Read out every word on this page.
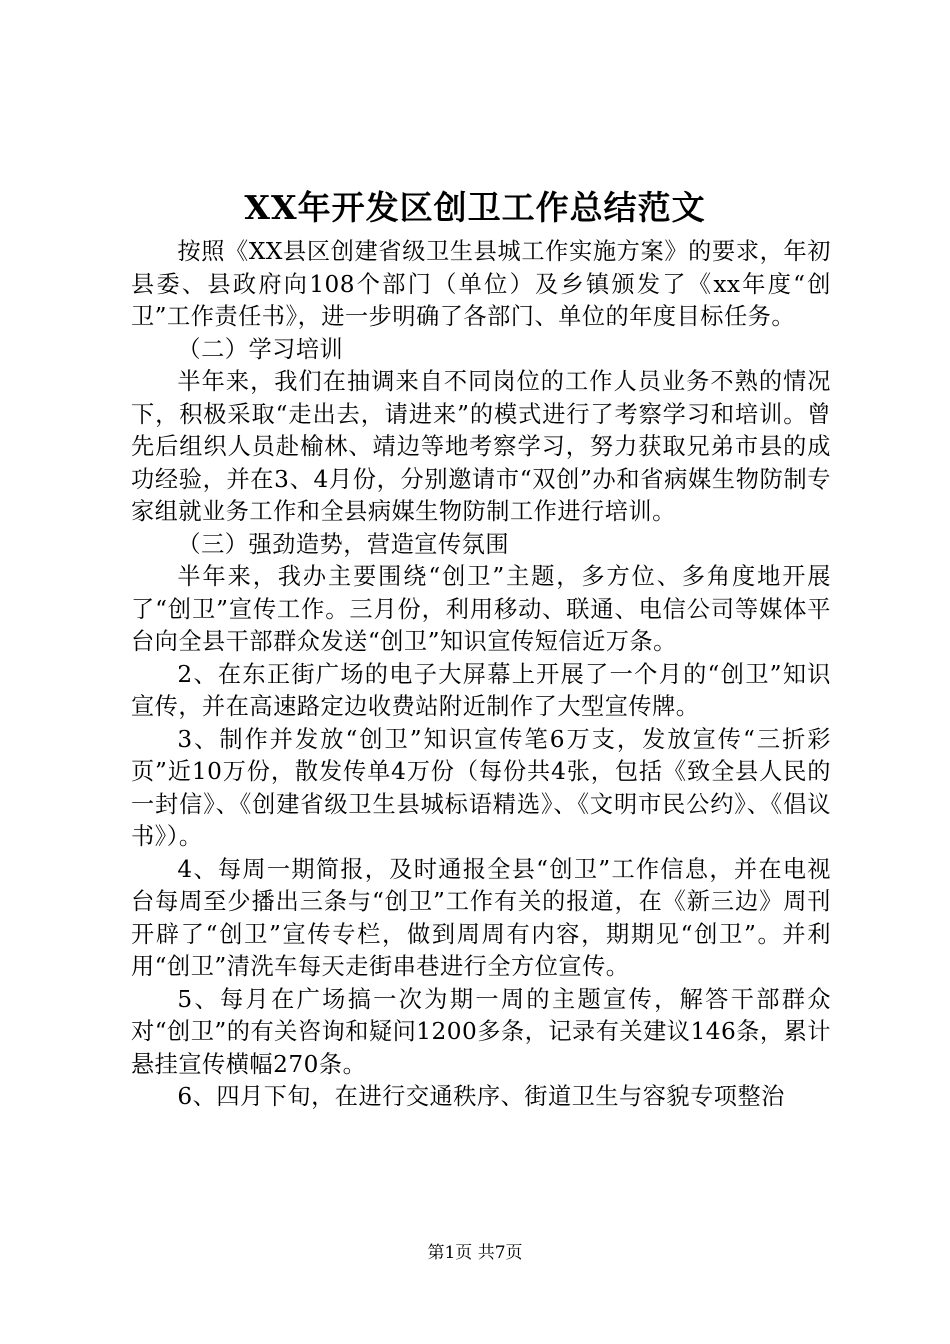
XX年开发区创卫工作总结范文

按照《XX县区创建省级卫生县城工作实施方案》的要求，年初县委、县政府向108个部门（单位）及乡镇颁发了《xx年度“创卫”工作责任书》，进一步明确了各部门、单位的年度目标任务。

（二）学习培训

半年来，我们在抽调来自不同岗位的工作人员业务不熟的情况下，积极采取“走出去，请进来”的模式进行了考察学习和培训。曾先后组织人员赴榆林、靖边等地考察学习，努力获取兄弟市县的成功经验，并在3、4月份，分别邀请市“双创”办和省病媒生物防制专家组就业务工作和全县病媒生物防制工作进行培训。

（三）强劲造势，营造宣传氛围

半年来，我办主要围绕“创卫”主题，多方位、多角度地开展了“创卫”宣传工作。三月份，利用移动、联通、电信公司等媒体平台向全县干部群众发送“创卫”知识宣传短信近万条。

2、在东正街广场的电子大屏幕上开展了一个月的“创卫”知识宣传，并在高速路定边收费站附近制作了大型宣传牌。

3、制作并发放“创卫”知识宣传笔6万支，发放宣传“三折彩页”近10万份，散发传单4万份（每份共4张，包括《致全县人民的一封信》、《创建省级卫生县城标语精选》、《文明市民公约》、《倡议书》）。

4、每周一期简报，及时通报全县“创卫”工作信息，并在电视台每周至少播出三条与“创卫”工作有关的报道，在《新三边》周刊开辟了“创卫”宣传专栏，做到周周有内容，期期见“创卫”。并利用“创卫”清洗车每天走街串巷进行全方位宣传。

5、每月在广场搞一次为期一周的主题宣传，解答干部群众对“创卫”的有关咨询和疑问1200多条，记录有关建议146条，累计悬挂宣传横幅270条。

6、四月下旬，在进行交通秩序、街道卫生与容貌专项整治

第1页 共7页
